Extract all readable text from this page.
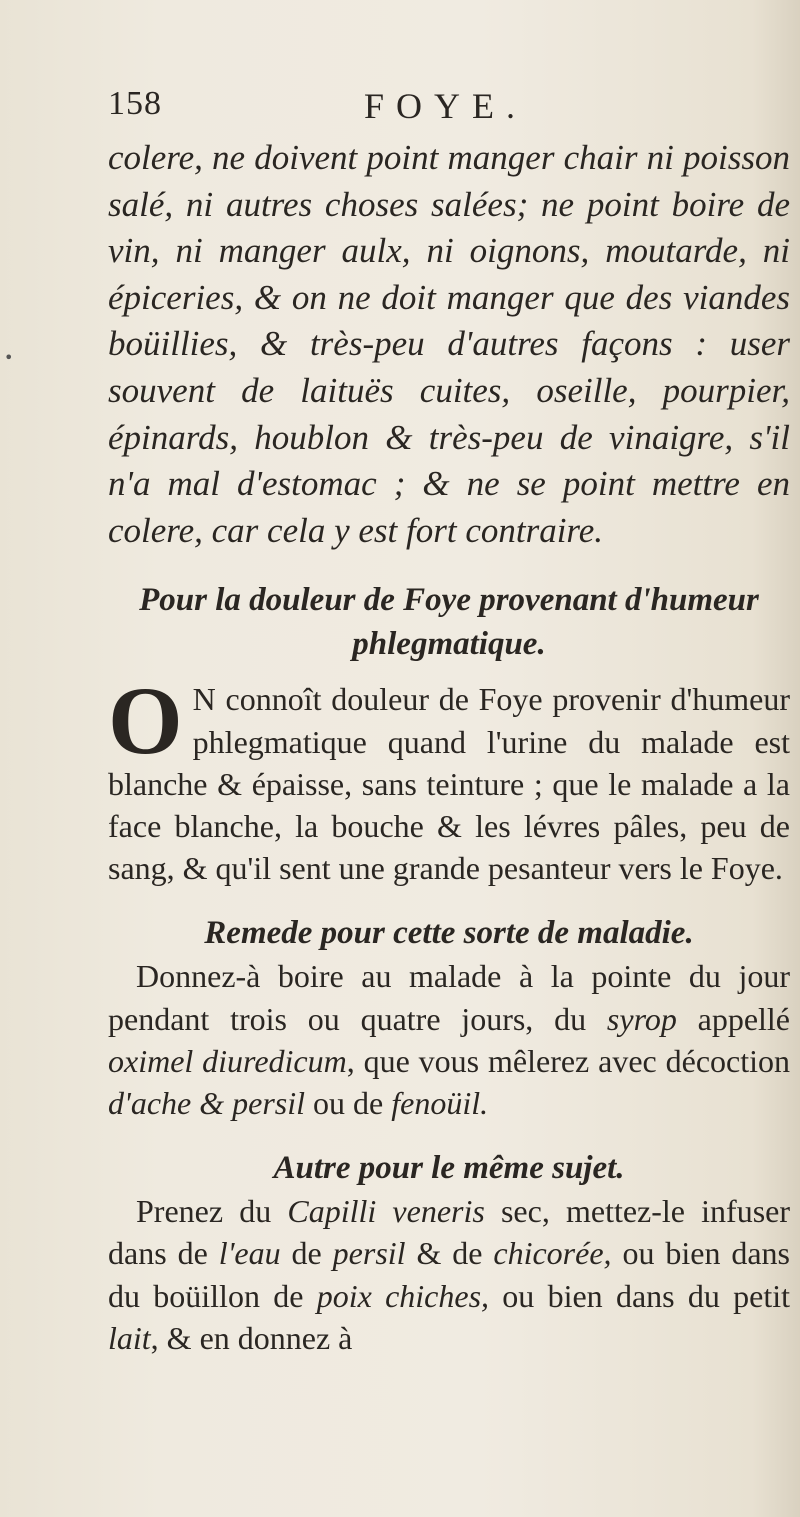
•
158	FOYE.

colere, ne doivent point manger chair ni poisson salé, ni autres choses salées; ne point boire de vin, ni manger aulx, ni oignons, moutarde, ni épiceries, & on ne doit manger que des viandes boüillies, & très-peu d'autres façons : user souvent de laituës cuites, oseille, pourpier, épinards, houblon & très-peu de vinaigre, s'il n'a mal d'estomac ; & ne se point mettre en colere, car cela y est fort contraire.

Pour la douleur de Foye provenant d'humeur phlegmatique.

O N connoît douleur de Foye provenir d'humeur phlegmatique quand l'urine du malade est blanche & épaisse, sans teinture ; que le malade a la face blanche, la bouche & les lévres pâles, peu de sang, & qu'il sent une grande pesanteur vers le Foye.

Remede pour cette sorte de maladie.

Donnez-à boire au malade à la pointe du jour pendant trois ou quatre jours, du syrop appellé oximel diuredicum, que vous mêlerez avec décoction d'ache & persil ou de fenoüil.

Autre pour le même sujet.

Prenez du Capilli veneris sec, mettez-le infuser dans de l'eau de persil & de chicorée, ou bien dans du boüillon de poix chiches, ou bien dans du petit lait, & en donnez à
